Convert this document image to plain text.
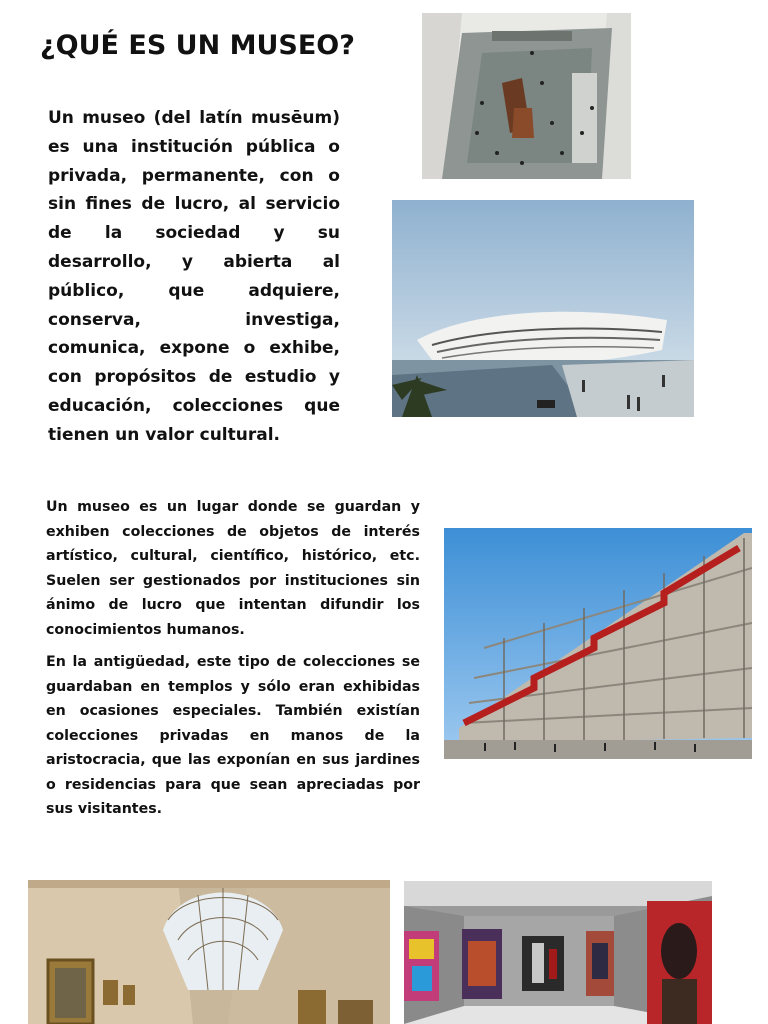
¿QUÉ ES UN MUSEO?

Un museo (del latín musēum) es una institución pública o privada, permanente, con o sin fines de lucro, al servicio de la sociedad y su desarrollo, y abierta al público, que adquiere, conserva, investiga, comunica, expone o exhibe, con propósitos de estudio y educación, colecciones que tienen un valor cultural.

Un museo es un lugar donde se guardan y exhiben colecciones de objetos de interés artístico, cultural, científico, histórico, etc. Suelen ser gestionados por instituciones sin ánimo de lucro que intentan difundir los conocimientos humanos.

En la antigüedad, este tipo de colecciones se guardaban en templos y sólo eran exhibidas en ocasiones especiales. También existían colecciones privadas en manos de la aristocracia, que las exponían en sus jardines o residencias para que sean apreciadas por sus visitantes.
